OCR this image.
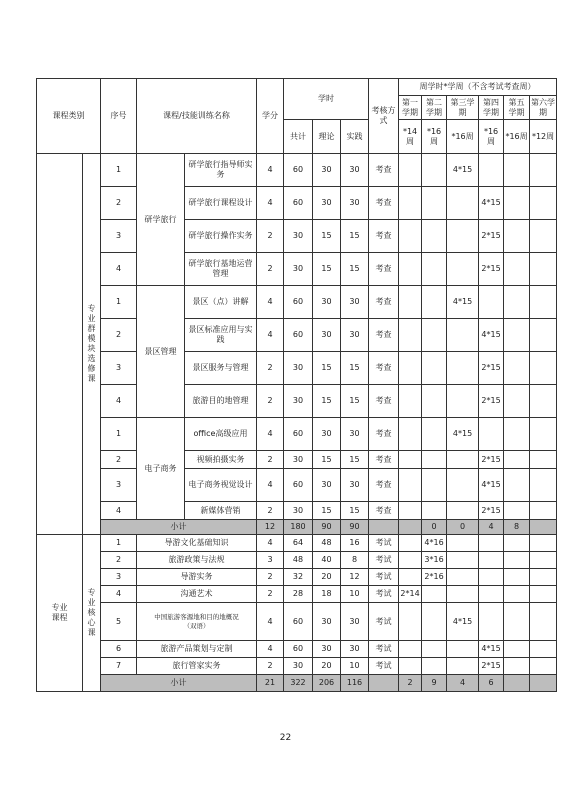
课程类别		序号	课程/技能训练名称		学分	学时			考核方式	周学时*学周（不含考试考查周）					
										第一学期	第二学期	第三学期	第四学期	第五学期	第六学期
						共计	理论	实践		*14周	*16周	*16周	*16周	*16周	*12周
	专业群模块选修课	1	研学旅行	研学旅行指导师实务	4	60	30	30	考查			4*15			
		2		研学旅行课程设计	4	60	30	30	考查				4*15		
		3		研学旅行操作实务	2	30	15	15	考查				2*15		
		4		研学旅行基地运营管理	2	30	15	15	考查				2*15		
		1	景区管理	景区（点）讲解	4	60	30	30	考查			4*15			
		2		景区标准应用与实践	4	60	30	30	考查				4*15		
		3		景区服务与管理	2	30	15	15	考查				2*15		
		4		旅游目的地管理	2	30	15	15	考查				2*15		
		1	电子商务	office高级应用	4	60	30	30	考查			4*15			
		2		视频拍摄实务	2	30	15	15	考查				2*15		
		3		电子商务视觉设计	4	60	30	30	考查				4*15		
		4		新媒体营销	2	30	15	15	考查				2*15		
		小计			12	180	90	90			0	0	4	8	
专业课程	专业核心课	1	导游文化基础知识		4	64	48	16	考试		4*16				
		2	旅游政策与法规		3	48	40	8	考试		3*16				
		3	导游实务		2	32	20	12	考试		2*16				
		4	沟通艺术		2	28	18	10	考试	2*14					
		5	中国旅游客源地和目的地概况
（双语）		4	60	30	30	考试			4*15			
		6	旅游产品策划与定制		4	60	30	30	考试				4*15		
		7	旅行管家实务		2	30	20	10	考试				2*15		
		小计			21	322	206	116		2	9	4	6		
22
